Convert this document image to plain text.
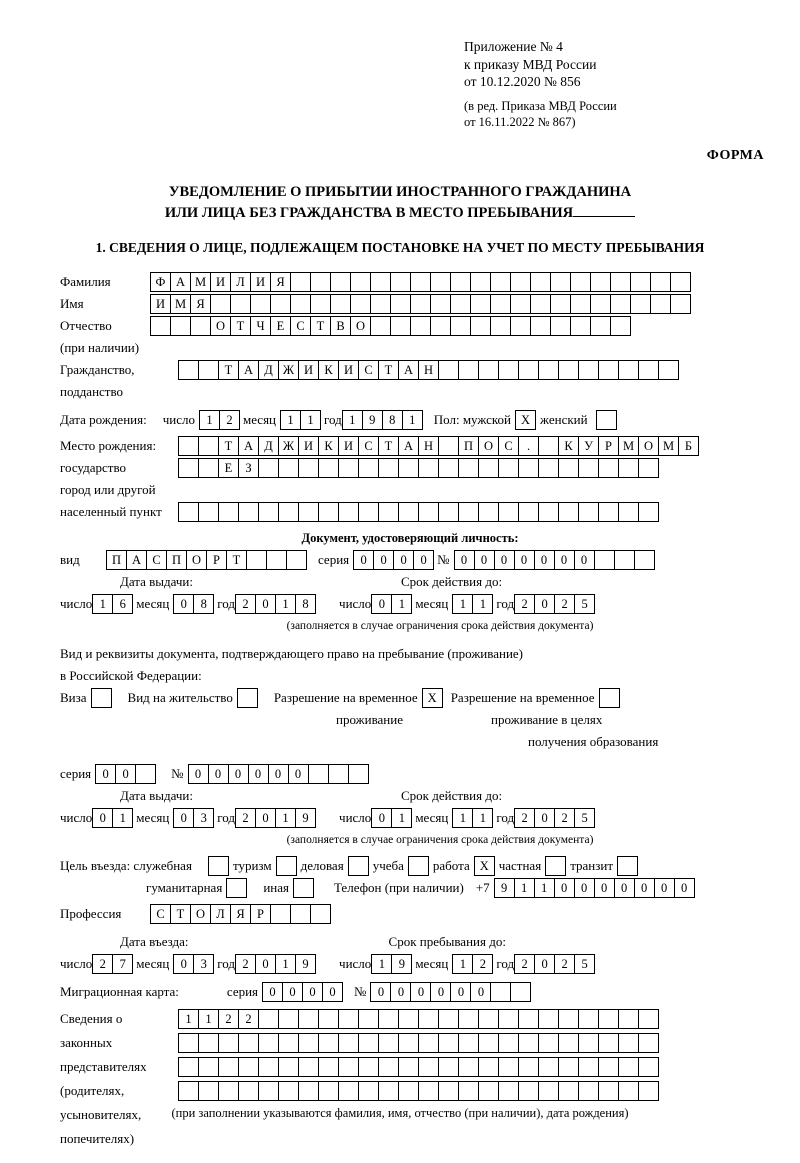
Приложение № 4
к приказу МВД России
от 10.12.2020 № 856
(в ред. Приказа МВД России
от 16.11.2022 № 867)
ФОРМА
УВЕДОМЛЕНИЕ О ПРИБЫТИИ ИНОСТРАННОГО ГРАЖДАНИНА
ИЛИ ЛИЦА БЕЗ ГРАЖДАНСТВА В МЕСТО ПРЕБЫВАНИЯ
1. СВЕДЕНИЯ О ЛИЦЕ, ПОДЛЕЖАЩЕМ ПОСТАНОВКЕ НА УЧЕТ ПО МЕСТУ ПРЕБЫВАНИЯ
Фамилия	Ф А М И Л И Я
Имя	И М Я
Отчество	О Т Ч Е С Т В О
(при наличии)
Гражданство,	Т А Д Ж И К И С Т А Н
подданство
Дата рождения: число 1	2 месяц 1	1 год 1	9	8	1	Пол: мужской X женский
Место рождения:	Т А Д Ж И К И С Т А Н	П О С	.	К У Р М О М Б
государство	Е	З
город или другой
населенный пункт
Документ, удостоверяющий личность:
вид	П А С П О Р	Т	серия 0	0	0	0 № 0	0	0	0	0	0	0
Дата выдачи:	Срок действия до:
число 1	6 месяц 0	8 год 2	0	1	8	число 0	1 месяц 1	1 год 2	0	2	5
(заполняется в случае ограничения срока действия документа)
Вид и реквизиты документа, подтверждающего право на пребывание (проживание)
в Российской Федерации:
Виза	Вид на жительство	Разрешение на временное X	Разрешение на временное
проживание	проживание в целях
получения образования
серия 0	0	№ 0	0	0	0	0	0
Дата выдачи:	Срок действия до:
число 0	1 месяц 0	3 год 2	0	1	9	число 0	1 месяц 1	1 год 2	0	2	5
(заполняется в случае ограничения срока действия документа)
Цель въезда: служебная	туризм деловая учеба работа X частная транзит
гуманитарная	иная	Телефон (при наличии) +7 9	1	1	0	0	0	0	0	0	0
Профессия	С Т О Л Я Р
Дата въезда:	Срок пребывания до:
число 2	7 месяц 0	3 год 2	0	1	9	число 1	9 месяц 1	2 год 2	0	2	5
Миграционная карта:	серия 0	0	0	0	№ 0	0	0	0	0	0
Сведения о	1	1	2	2
законных
представителях
(родителях,
усыновителях,
попечителях)
(при заполнении указываются фамилия, имя, отчество (при наличии), дата рождения)
